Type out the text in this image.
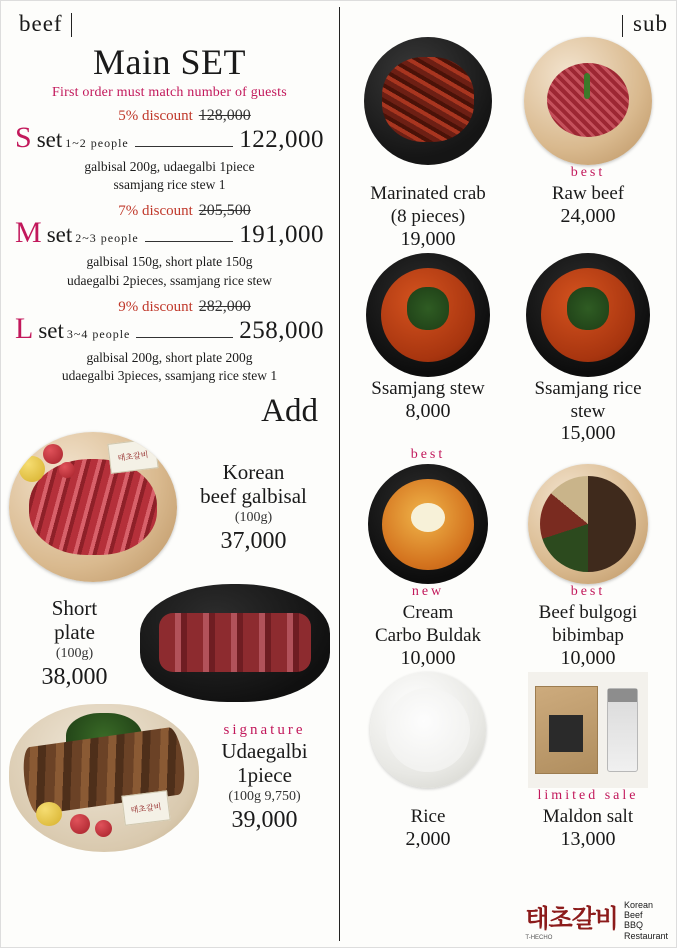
beef
Main SET
First order must match number of guests
5% discount 128,000
S set 1~2 people	122,000
galbisal 200g, udaegalbi 1piece
ssamjang rice stew 1
7% discount 205,500
M set 2~3 people	191,000
galbisal 150g, short plate 150g
udaegalbi 2pieces, ssamjang rice stew
9% discount 282,000
L set 3~4 people	258,000
galbisal 200g, short plate 200g
udaegalbi 3pieces, ssamjang rice stew 1
Add
태초갈비
Korean
beef galbisal
(100g)
37,000
Short
plate
(100g)
38,000
태초갈비
signature
Udaegalbi
1piece
(100g 9,750)
39,000
sub
Marinated crab
(8 pieces)
19,000
best
Raw beef
24,000
Ssamjang stew
8,000
Ssamjang rice
stew
15,000
best
new
Cream
Carbo Buldak
10,000
best
Beef bulgogi
bibimbap
10,000
Rice
2,000
limited sale
Maldon salt
13,000
태초갈비
T-HECHO
Korean
Beef
BBQ
Restaurant
